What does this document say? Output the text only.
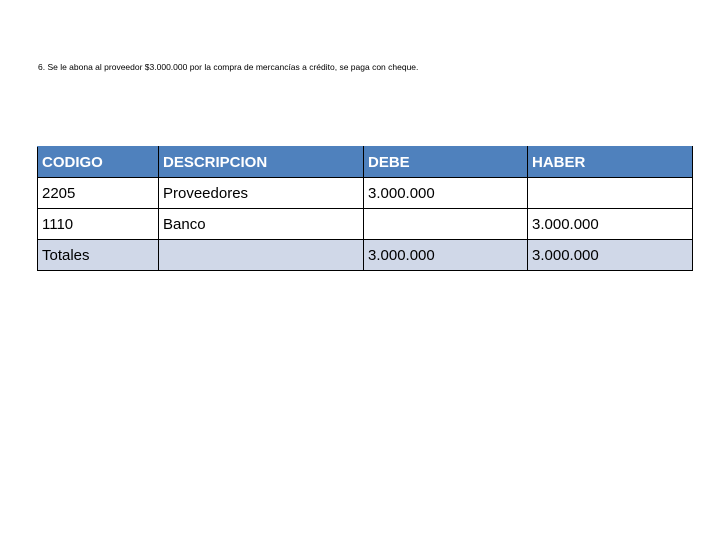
6. Se le abona al proveedor $3.000.000 por la compra de mercancías a crédito, se paga con cheque.
CODIGO	DESCRIPCION	DEBE	HABER
2205	Proveedores	3.000.000	
1110	Banco		3.000.000
Totales		3.000.000	3.000.000
